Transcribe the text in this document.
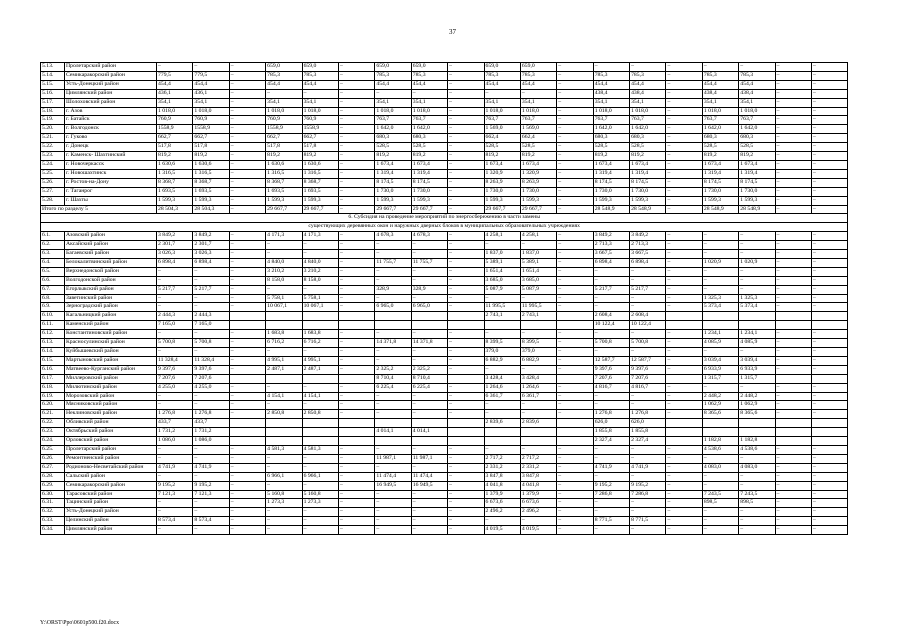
37
5.13.	Пролетарский район	–	–	–	659,0	659,0	–	659,0	659,0	–	659,0	659,0	–	–	–	–	–	–	–	–
5.14.	Семикаракорский район	779,5	779,5	–	785,3	785,3	–	785,3	785,3	–	785,3	785,3	–	785,3	785,3	–	785,3	785,3	–	–
5.15.	Усть-Донецкий район	454,4	454,4	–	454,4	454,4	–	454,4	454,4	–	454,4	454,4	–	454,4	454,4	–	454,4	454,4	–	–
5.16.	Цимлянский район	436,1	436,1	–	–	–	–	–	–	–	–	–	–	438,4	438,4	–	438,4	438,4	–	–
5.17.	Шолоховский район	354,1	354,1	–	354,1	354,1	–	354,1	354,1	–	354,1	354,1	–	354,1	354,1	–	354,1	354,1	–	–
5.18.	г. Азов	1 018,0	1 018,0	–	1 018,0	1 018,0	–	1 018,0	1 018,0	–	1 018,0	1 018,0	–	1 018,0	1 018,0	–	1 018,0	1 018,0	–	–
5.19.	г. Батайск	760,9	760,9	–	760,9	760,9	–	763,7	763,7	–	763,7	763,7	–	763,7	763,7	–	763,7	763,7	–	–
5.20.	г. Волгодонск	1558,9	1558,9	–	1558,9	1558,9	–	1 642,0	1 642,0	–	1 569,0	1 569,0	–	1 642,0	1 642,0	–	1 642,0	1 642,0	–	–
5.21.	г. Гуково	662,7	662,7	–	662,7	662,7	–	680,3	680,3	–	662,4	662,4	–	680,3	680,3	–	680,3	680,3	–	–
5.22.	г. Донецк	517,8	517,8	–	517,8	517,8	–	528,5	528,5	–	528,5	528,5	–	528,5	528,5	–	528,5	528,5	–	–
5.23.	г. Каменск- Шахтинский	819,2	819,2	–	819,2	819,2	–	819,2	819,2	–	819,2	819,2	–	819,2	819,2	–	819,2	819,2	–	–
5.24.	г. Новочеркасск	1 630,6	1 630,6	–	1 630,6	1 630,6	–	1 673,4	1 673,4	–	1 673,4	1 673,4	–	1 673,4	1 673,4	–	1 673,4	1 673,4	–	–
5.25.	г. Новошахтинск	1 316,5	1 316,5	–	1 316,5	1 316,5	–	1 319,4	1 319,4	–	1 320,9	1 320,9	–	1 319,4	1 319,4	–	1 319,4	1 319,4	–	–
5.26.	г. Ростов-на-Дону	8 368,7	8 368,7	–	8 368,7	8 368,7	–	8 174,5	8 174,5	–	8 263,9	8 263,9	–	8 174,5	8 174,5	–	8 174,5	8 174,5	–	–
5.27.	г. Таганрог	1 693,5	1 693,5	–	1 693,5	1 693,5	–	1 730,0	1 730,0	–	1 730,0	1 730,0	–	1 730,0	1 730,0	–	1 730,0	1 730,0	–	–
5.28.	г. Шахты	1 599,3	1 599,3	–	1 599,3	1 599,3	–	1 599,3	1 599,3	–	1 599,3	1 599,3	–	1 599,3	1 599,3	–	1 599,3	1 599,3	–	–
Итого по разделу 5		28 504,3	28 504,3	–	29 667,7	29 667,7	–	29 667,7	29 667,7	–	29 667,7	29 667,7	–	28 548,9	28 548,9	–	28 548,9	28 548,9	–	–
6. Субсидия на проведение мероприятий по энергосбережению в части замены																				
существующих деревянных окон и наружных дверных блоков в муниципальных образовательных учреждениях																				
6.1.	Азовский район	3 849,2	3 849,2	–	4 171,3	4 171,3	–	4 678,3	4 678,3	–	4 258,1	4 258,1	–	3 849,2	3 849,2	–	–	–	–	–
6.2.	Аксайский район	2 301,7	2 301,7	–	–	–	–	–	–	–	–	–	–	2 713,3	2 713,3	–	–	–	–	–
6.3.	Багаевский район	3 026,3	3 026,3	–	–	–	–	–	–	–	1 837,0	1 837,0	–	3 667,5	3 667,5	–	–	–	–	–
6.4.	Белокалитвинский район	6 898,4	6 898,4	–	4 840,0	4 840,0	–	11 755,7	11 755,7	–	5 389,1	5 389,1	–	6 898,4	6 898,4	–	1 020,9	1 020,9	–	–
6.5.	Верхнедонской район	–	–	–	3 210,2	3 210,2	–	–	–	–	1 651,4	1 651,4	–	–	–	–	–	–	–	–
6.6.	Волгодонской район	–	–	–	8 158,0	8 158,0	–	–	–	–	3 685,0	3 685,0	–	–	–	–	–	–	–	–
6.7.	Егорлыкский район	5 217,7	5 217,7	–	–	–	–	328,9	328,9	–	5 087,9	5 087,9	–	5 217,7	5 217,7	–	–	–	–	–
6.8.	Заветинский район	–	–	–	5 758,1	5 758,1	–	–	–	–	–	–	–	–	–	–	1 325,3	1 325,3	–	–
6.9.	Зерноградский район	–	–	–	10 067,1	10 067,1	–	6 965,0	6 965,0	–	11 995,5	11 995,5	–	–	–	–	5 373,4	5 373,4	–	–
6.10.	Кагальницкий район	2 444,3	2 444,3								2 743,1	2 743,1		2 608,4	2 608,4					
6.11.	Каменский район	7 165,0	7 165,0											10 122,4	10 122,4					
6.12.	Константиновский район	–	–	–	1 683,8	1 683,8	–	–	–	–	–	–	–	–	–	–	1 234,1	1 234,1	–	–
6.13.	Красносулинский район	5 700,8	5 700,8	–	6 716,2	6 716,2	–	14 371,8	14 371,8	–	8 399,5	8 399,5	–	5 700,8	5 700,8	–	4 085,9	4 085,9	–	–
6.14.	Куйбышевский район	–	–	–	–	–	–	–	–	–	379,0	379,0	–	–	–	–	–	–	–	–
6.15.	Мартыновский район	11 328,4	11 328,4	–	4 995,1	4 995,1	–	–	–	–	6 882,9	6 882,9	–	12 587,7	12 587,7	–	3 039,4	3 039,4	–	–
6.16.	Матвеево-Курганский район	9 397,6	9 397,6	–	2 487,1	2 487,1	–	2 325,2	2 325,2	–	–	–	–	9 397,6	9 397,6	–	6 933,9	6 933,9	–	–
6.17.	Миллеровский район	7 207,6	7 207,6					8 710,4	8 710,4		3 428,4	3 428,4		7 207,6	7 207,6		1 315,7	1 315,7		
6.18.	Милютинский район	4 255,0	4 255,0	–	–	–	–	6 225,4	6 225,4	–	1 264,6	1 264,6	–	4 816,7	4 816,7	–	–	–	–	–
6.19.	Морозовский район	–	–	–	4 154,1	4 154,1	–	–	–	–	6 361,7	6 361,7	–	–	–	–	2 448,2	2 448,2	–	–
6.20.	Мясниковский район	–	–	–	–	–	–	–	–	–	–	–	–	–	–	–	1 062,9	1 062,9	–	–
6.21.	Неклиновский район	1 276,8	1 276,8	–	2 850,8	2 850,8	–	–	–	–	–	–	–	1 276,8	1 276,8	–	8 365,6	8 365,6	–	–
6.22.	Обливский район	433,7	433,7								2 839,6	2 839,6		626,0	626,0					
6.23.	Октябрьский район	1 731,2	1 731,2					4 014,1	4 014,1					1 855,8	1 855,8					
6.24.	Орловский район	1 086,0	1 086,0											2 327,4	2 327,4		1 182,8	1 182,8		
6.25.	Пролетарский район	–	–	–	4 581,3	4 581,3	–	–	–	–	–	–	–	–	–	–	4 538,6	4 538,6	–	–
6.26.	Ремонтненский район	–	–	–	–	–	–	11 987,1	11 987,1	–	2 717,2	2 717,2	–	–	–	–	–	–	–	–
6.27.	Родионово-Несветайский район	4 741,9	4 741,9	–	–	–	–	–	–	–	2 331,2	2 331,2	–	4 741,9	4 741,9	–	4 083,0	4 083,0	–	–
6.28.	Сальский район	–	–	–	6 966,1	6 966,1	–	11 474,4	11 474,4	–	3 847,8	3 847,8	–	–	–	–	–	–	–	–
6.29.	Семикаракорский район	9 195,2	9 195,2	–	–	–	–	16 949,5	16 949,5	–	4 041,8	4 041,8	–	9 195,2	9 195,2	–	–	–	–	–
6.30.	Тарасовский район	7 121,3	7 121,3	–	5 160,8	5 160,8	–	–	–	–	1 379,9	1 379,9	–	7 286,8	7 286,8	–	7 243,5	7 243,5	–	–
6.31.	Тацинский район	–	–	–	1 273,3	1 273,3	–	–	–	–	6 673,6	6 673,6	–	–	–	–	898,5	898,5	–	–
6.32.	Усть-Донецкий район	–	–	–	–	–	–	–	–	–	2 496,2	2 496,2	–	–	–	–	–	–	–	–
6.33.	Целинский район	8 573,4	8 573,4	–	–	–	–	–	–	–	–	–	–	8 771,5	8 771,5	–	–	–	–	–
6.34.	Цимлянский район	–	–	–	–	–	–	–	–	–	4 019,5	4 019,5	–	–	–	–	–	–	–	–
Y:\ORST\Ppo\0601p500.f20.docx
